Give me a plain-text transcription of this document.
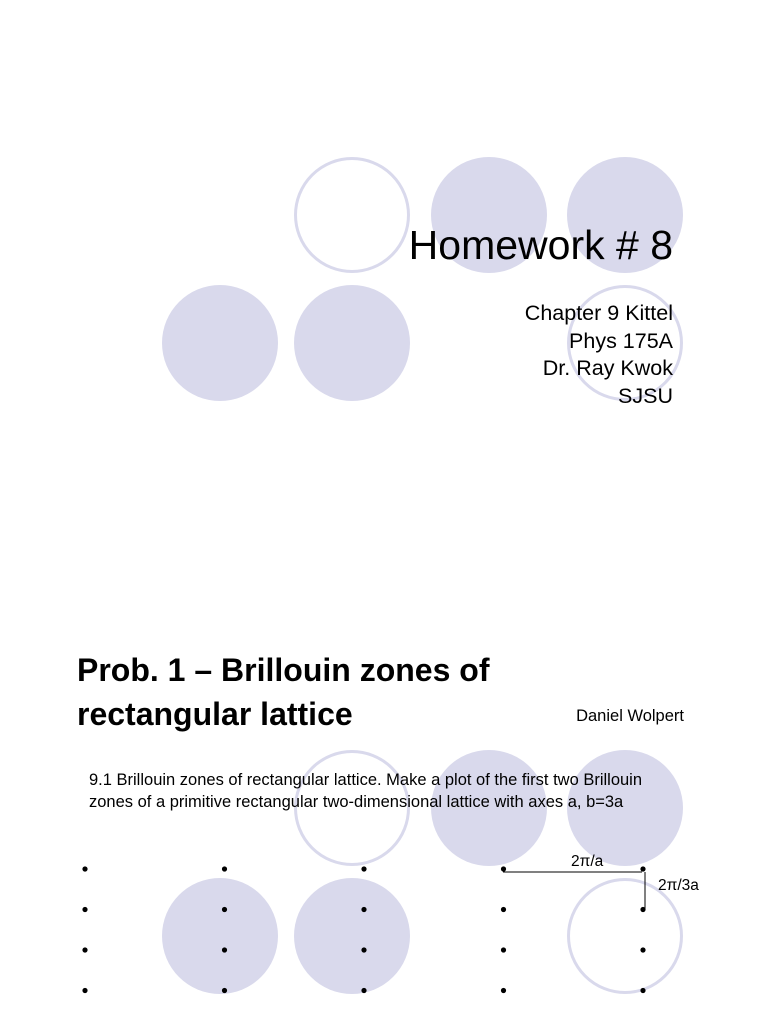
Homework # 8
Chapter 9 Kittel
Phys 175A
Dr. Ray Kwok
SJSU
Prob. 1 – Brillouin zones of rectangular lattice	Daniel Wolpert
9.1 Brillouin zones of rectangular lattice. Make a plot of the first two Brillouin zones of a primitive rectangular two-dimensional lattice with axes a, b=3a
2π/a
2π/3a
